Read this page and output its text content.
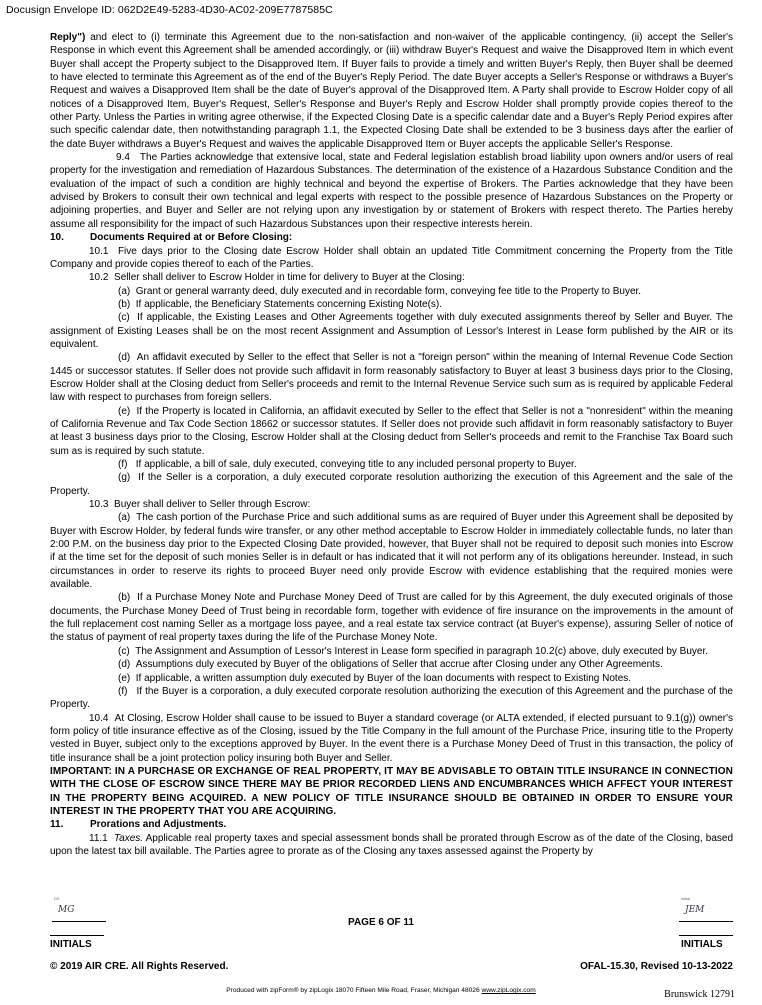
Docusign Envelope ID: 062D2E49-5283-4D30-AC02-209E7787585C

Reply") and elect to (i) terminate this Agreement due to the non-satisfaction and non-waiver of the applicable contingency, (ii) accept the Seller's Response in which event this Agreement shall be amended accordingly, or (iii) withdraw Buyer's Request and waive the Disapproved Item in which event Buyer shall accept the Property subject to the Disapproved Item. If Buyer fails to provide a timely and written Buyer's Reply, then Buyer shall be deemed to have elected to terminate this Agreement as of the end of the Buyer's Reply Period. The date Buyer accepts a Seller's Response or withdraws a Buyer's Request and waives a Disapproved Item shall be the date of Buyer's approval of the Disapproved Item. A Party shall provide to Escrow Holder copy of all notices of a Disapproved Item, Buyer's Request, Seller's Response and Buyer's Reply and Escrow Holder shall promptly provide copies thereof to the other Party. Unless the Parties in writing agree otherwise, if the Expected Closing Date is a specific calendar date and a Buyer's Reply Period expires after such specific calendar date, then notwithstanding paragraph 1.1, the Expected Closing Date shall be extended to be 3 business days after the earlier of the date Buyer withdraws a Buyer's Request and waives the applicable Disapproved Item or Buyer accepts the applicable Seller's Response.

9.4   The Parties acknowledge that extensive local, state and Federal legislation establish broad liability upon owners and/or users of real property for the investigation and remediation of Hazardous Substances. The determination of the existence of a Hazardous Substance Condition and the evaluation of the impact of such a condition are highly technical and beyond the expertise of Brokers. The Parties acknowledge that they have been advised by Brokers to consult their own technical and legal experts with respect to the possible presence of Hazardous Substances on the Property or adjoining properties, and Buyer and Seller are not relying upon any investigation by or statement of Brokers with respect thereto. The Parties hereby assume all responsibility for the impact of such Hazardous Substances upon their respective interests herein.

10.	Documents Required at or Before Closing:

10.1  Five days prior to the Closing date Escrow Holder shall obtain an updated Title Commitment concerning the Property from the Title Company and provide copies thereof to each of the Parties.

10.2  Seller shall deliver to Escrow Holder in time for delivery to Buyer at the Closing:

(a)  Grant or general warranty deed, duly executed and in recordable form, conveying fee title to the Property to Buyer.

(b)  If applicable, the Beneficiary Statements concerning Existing Note(s).

(c)  If applicable, the Existing Leases and Other Agreements together with duly executed assignments thereof by Seller and Buyer. The assignment of Existing Leases shall be on the most recent Assignment and Assumption of Lessor's Interest in Lease form published by the AIR or its equivalent.

(d)  An affidavit executed by Seller to the effect that Seller is not a "foreign person" within the meaning of Internal Revenue Code Section 1445 or successor statutes. If Seller does not provide such affidavit in form reasonably satisfactory to Buyer at least 3 business days prior to the Closing, Escrow Holder shall at the Closing deduct from Seller's proceeds and remit to the Internal Revenue Service such sum as is required by applicable Federal law with respect to purchases from foreign sellers.

(e)  If the Property is located in California, an affidavit executed by Seller to the effect that Seller is not a "nonresident" within the meaning of California Revenue and Tax Code Section 18662 or successor statutes. If Seller does not provide such affidavit in form reasonably satisfactory to Buyer at least 3 business days prior to the Closing, Escrow Holder shall at the Closing deduct from Seller's proceeds and remit to the Franchise Tax Board such sum as is required by such statute.

(f)   If applicable, a bill of sale, duly executed, conveying title to any included personal property to Buyer.

(g)  If the Seller is a corporation, a duly executed corporate resolution authorizing the execution of this Agreement and the sale of the Property.

10.3  Buyer shall deliver to Seller through Escrow:

(a)  The cash portion of the Purchase Price and such additional sums as are required of Buyer under this Agreement shall be deposited by Buyer with Escrow Holder, by federal funds wire transfer, or any other method acceptable to Escrow Holder in immediately collectable funds, no later than 2:00 P.M. on the business day prior to the Expected Closing Date provided, however, that Buyer shall not be required to deposit such monies into Escrow if at the time set for the deposit of such monies Seller is in default or has indicated that it will not perform any of its obligations hereunder. Instead, in such circumstances in order to reserve its rights to proceed Buyer need only provide Escrow with evidence establishing that the required monies were available.

(b)  If a Purchase Money Note and Purchase Money Deed of Trust are called for by this Agreement, the duly executed originals of those documents, the Purchase Money Deed of Trust being in recordable form, together with evidence of fire insurance on the improvements in the amount of the full replacement cost naming Seller as a mortgage loss payee, and a real estate tax service contract (at Buyer's expense), assuring Seller of notice of the status of payment of real property taxes during the life of the Purchase Money Note.

(c)  The Assignment and Assumption of Lessor's Interest in Lease form specified in paragraph 10.2(c) above, duly executed by Buyer.

(d)  Assumptions duly executed by Buyer of the obligations of Seller that accrue after Closing under any Other Agreements.

(e)  If applicable, a written assumption duly executed by Buyer of the loan documents with respect to Existing Notes.

(f)   If the Buyer is a corporation, a duly executed corporate resolution authorizing the execution of this Agreement and the purchase of the Property.

10.4  At Closing, Escrow Holder shall cause to be issued to Buyer a standard coverage (or ALTA extended, if elected pursuant to 9.1(g)) owner's form policy of title insurance effective as of the Closing, issued by the Title Company in the full amount of the Purchase Price, insuring title to the Property vested in Buyer, subject only to the exceptions approved by Buyer. In the event there is a Purchase Money Deed of Trust in this transaction, the policy of title insurance shall be a joint protection policy insuring both Buyer and Seller.

IMPORTANT: IN A PURCHASE OR EXCHANGE OF REAL PROPERTY, IT MAY BE ADVISABLE TO OBTAIN TITLE INSURANCE IN CONNECTION WITH THE CLOSE OF ESCROW SINCE THERE MAY BE PRIOR RECORDED LIENS AND ENCUMBRANCES WHICH AFFECT YOUR INTEREST IN THE PROPERTY BEING ACQUIRED. A NEW POLICY OF TITLE INSURANCE SHOULD BE OBTAINED IN ORDER TO ENSURE YOUR INTEREST IN THE PROPERTY THAT YOU ARE ACQUIRING.

11.	Prorations and Adjustments.

11.1  Taxes. Applicable real property taxes and special assessment bonds shall be prorated through Escrow as of the date of the Closing, based upon the latest tax bill available. The Parties agree to prorate as of the Closing any taxes assessed against the Property by

DS
MG
initial
JEM
PAGE 6 OF 11
INITIALS	INITIALS
© 2019 AIR CRE. All Rights Reserved.	OFAL-15.30, Revised 10-13-2022
Produced with zipForm® by zipLogix 18070 Fifteen Mile Road, Fraser, Michigan 48026 www.zipLogix.com	Brunswick 12791
